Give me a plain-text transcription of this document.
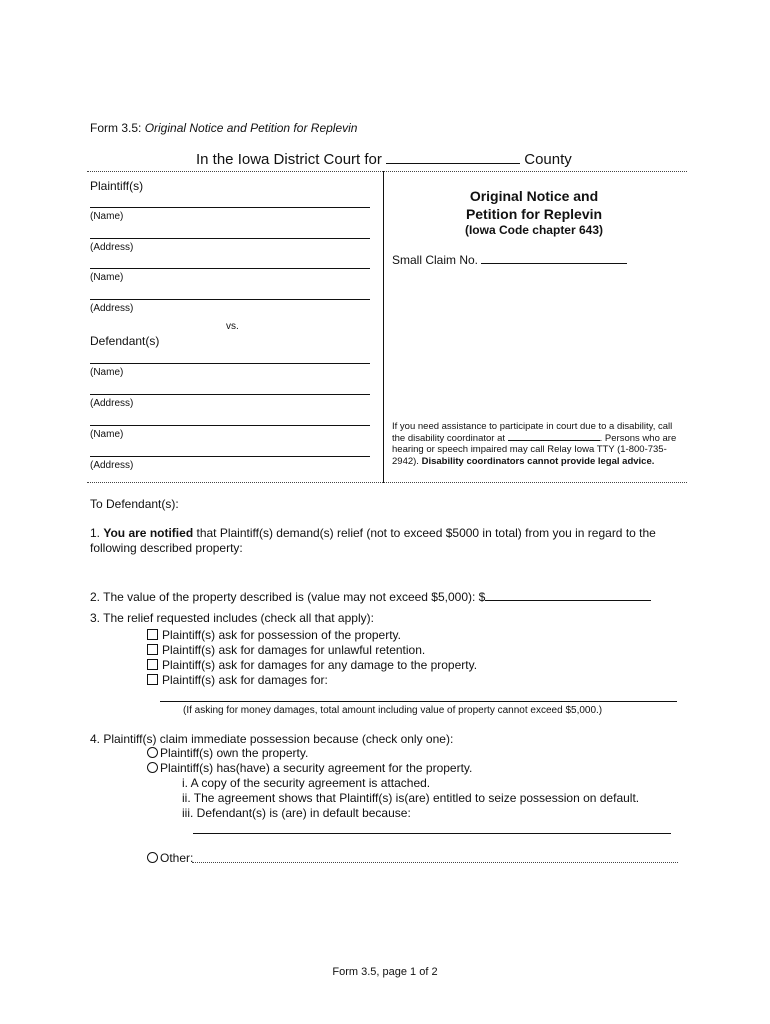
Form 3.5: Original Notice and Petition for Replevin
In the Iowa District Court for	County
Plaintiff(s)
(Name)
(Address)
(Name)
(Address)
vs.
Defendant(s)
(Name)
(Address)
(Name)
(Address)
Original Notice and
Petition for Replevin
(Iowa Code chapter 643)
Small Claim No.
If you need assistance to participate in court due to a disability, call the disability coordinator at	. Persons who are hearing or speech impaired may call Relay Iowa TTY (1-800-735-2942). Disability coordinators cannot provide legal advice.
To Defendant(s):
1. You are notified that Plaintiff(s) demand(s) relief (not to exceed $5000 in total) from you in regard to the following described property:
2. The value of the property described is (value may not exceed $5,000): $
3. The relief requested includes (check all that apply):
Plaintiff(s) ask for possession of the property.
Plaintiff(s) ask for damages for unlawful retention.
Plaintiff(s) ask for damages for any damage to the property.
Plaintiff(s) ask for damages for:
(If asking for money damages, total amount including value of property cannot exceed $5,000.)
4. Plaintiff(s) claim immediate possession because (check only one):
Plaintiff(s) own the property.
Plaintiff(s) has(have) a security agreement for the property.
i. A copy of the security agreement is attached.
ii. The agreement shows that Plaintiff(s) is(are) entitled to seize possession on default.
iii. Defendant(s) is (are) in default because:
Other:
Form 3.5, page 1 of 2
